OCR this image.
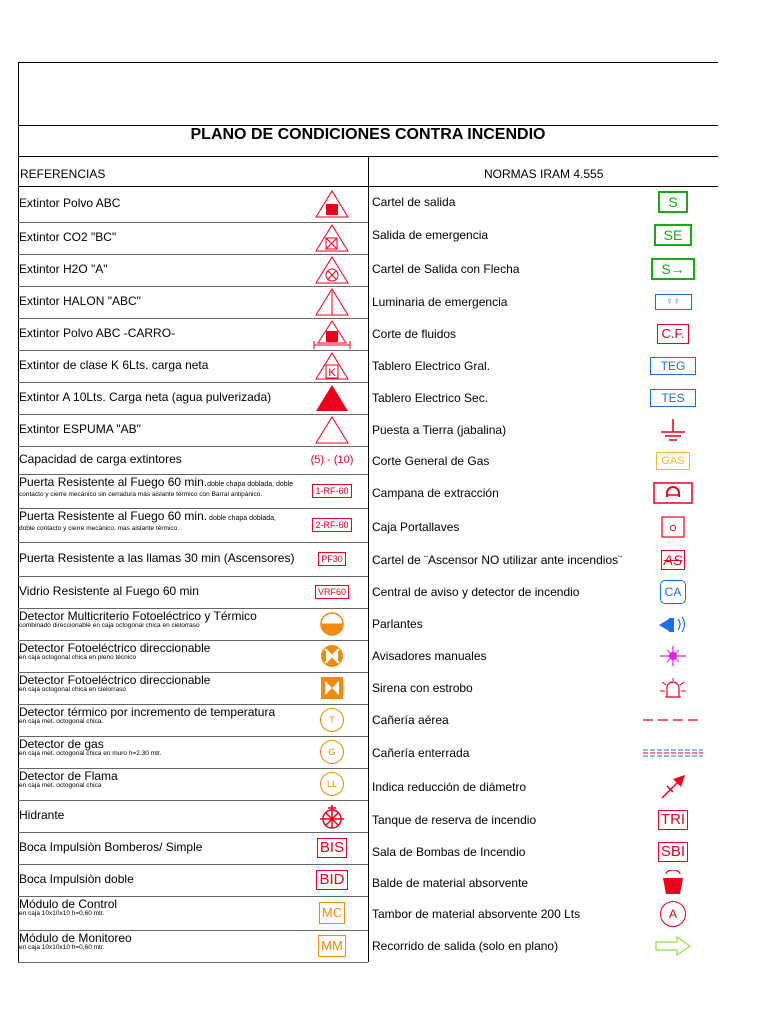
PLANO DE CONDICIONES CONTRA INCENDIO
REFERENCIAS	NORMAS IRAM 4.555
Extintor Polvo ABC
Extintor CO2 "BC"
Extintor H2O "A"
Extintor HALON "ABC"
Extintor Polvo ABC -CARRO-
Extintor de clase K 6Lts. carga neta
K
Extintor A 10Lts. Carga neta (agua pulverizada)
Extintor ESPUMA "AB"
Capacidad de carga extintores	(5) - (10)
Puerta Resistente al Fuego 60 min.doble chapa doblada, doble
contacto y cierre mecánico sin cerradura más aislante térmico con Barral antipánico.	1-RF-60
Puerta Resistente al Fuego 60 min. doble chapa doblada,
doble contacto y cierre mecánico. mas aislante térmico.	2-RF-60
Puerta Resistente a las llamas 30 min (Ascensores)	PF30
Vidrio Resistente al Fuego 60 min	VRF60
Detector Multicriterio Fotoeléctrico y Térmico
combinado direccionable en caja octogonal chica en cielorraso
Detector Fotoeléctrico direccionable
en caja octogonal chica en pleno técnico
Detector Fotoeléctrico direccionable
en caja octogonal chica en cielorraso
Detector térmico por incremento de temperatura
en caja met. octogonal chica.	T
Detector de gas
en caja met. octogonal chica en muro h=2.30 mtr.	G
Detector de Flama
en caja met. octogonal chica	LL
Hidrante
Boca Impulsiòn Bomberos/ Simple	BIS
Boca Impulsiòn doble	BID
Módulo de Control
en caja 10x10x10 h=0,60 mtr.	MC
Módulo de Monitoreo
en caja 10x10x10 h=0,60 mtr.	MM
Cartel de salida	S
Salida de emergencia	SE
Cartel de Salida con Flecha	S→
Luminaria de emergencia	♀♀
Corte de fluidos	C.F.
Tablero Electrico Gral.	TEG
Tablero Electrico Sec.	TES
Puesta a Tierra (jabalina)
Corte General de Gas	GAS
Campana de extracción
Caja Portallaves
Cartel de ¨Ascensor NO utilizar ante incendios¨	AS
Central de aviso y detector de incendio	CA
Parlantes
Avisadores manuales
Sirena con estrobo
Cañería aérea
Cañería enterrada
Indica reducción de diámetro
Tanque de reserva de incendio	TRI
Sala de Bombas de Incendio	SBI
Balde de material absorvente
Tambor de material absorvente 200 Lts	A
Recorrido de salida (solo en plano)
